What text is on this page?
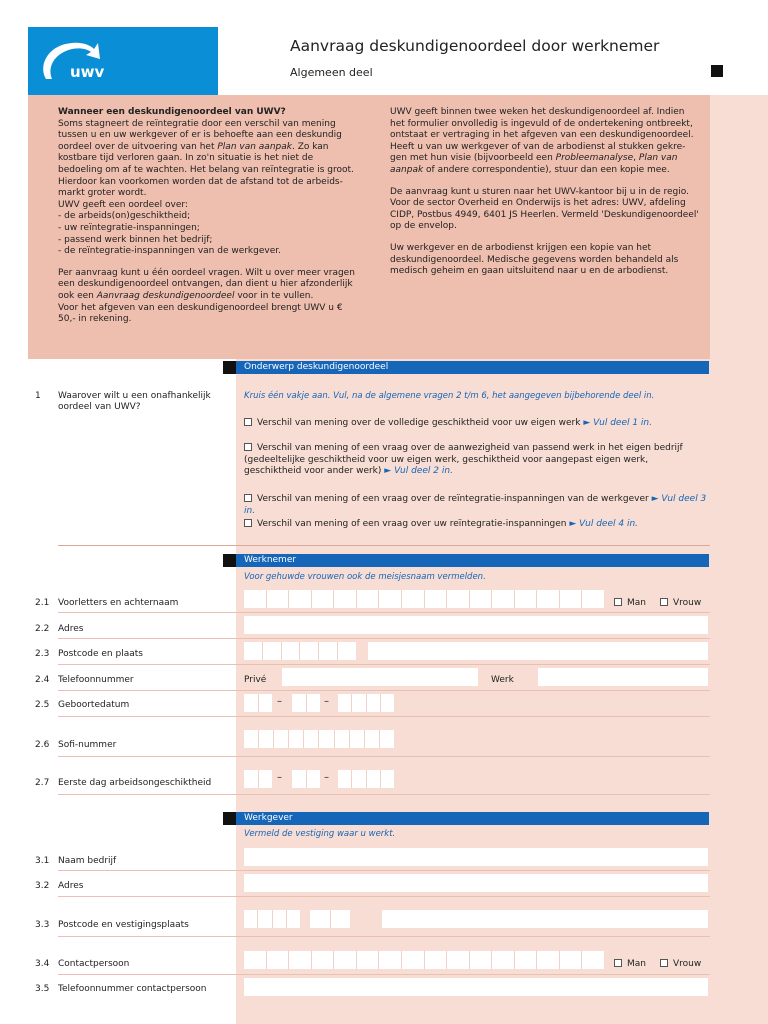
uwv
Aanvraag deskundigenoordeel door werknemer
Algemeen deel
Wanneer een deskundigenoordeel van UWV?
Soms stagneert de reïntegratie door een verschil van mening tussen u en uw werkgever of er is behoefte aan een deskundig oordeel over de uitvoering van het Plan van aanpak. Zo kan kostbare tijd verloren gaan. In zo'n situatie is het niet de bedoeling om af te wachten. Het belang van reïntegratie is groot. Hierdoor kan voorkomen worden dat de afstand tot de arbeids-markt groter wordt.
UWV geeft een oordeel over:
- de arbeids(on)geschiktheid;
- uw reïntegratie-inspanningen;
- passend werk binnen het bedrijf;
- de reïntegratie-inspanningen van de werkgever.
Per aanvraag kunt u één oordeel vragen. Wilt u over meer vragen een deskundigenoordeel ontvangen, dan dient u hier afzonderlijk ook een Aanvraag deskundigenoordeel voor in te vullen.
Voor het afgeven van een deskundigenoordeel brengt UWV u € 50,- in rekening.
UWV geeft binnen twee weken het deskundigenoordeel af. Indien het formulier onvolledig is ingevuld of de ondertekening ontbreekt, ontstaat er vertraging in het afgeven van een deskundigenoordeel.
Heeft u van uw werkgever of van de arbodienst al stukken gekre-gen met hun visie (bijvoorbeeld een Probleemanalyse, Plan van aanpak of andere correspondentie), stuur dan een kopie mee.
De aanvraag kunt u sturen naar het UWV-kantoor bij u in de regio. Voor de sector Overheid en Onderwijs is het adres: UWV, afdeling CIDP, Postbus 4949, 6401 JS Heerlen. Vermeld 'Deskundigenoordeel' op de envelop.
Uw werkgever en de arbodienst krijgen een kopie van het deskundigenoordeel. Medische gegevens worden behandeld als medisch geheim en gaan uitsluitend naar u en de arbodienst.
Onderwerp deskundigenoordeel
Kruis één vakje aan. Vul, na de algemene vragen 2 t/m 6, het aangegeven bijbehorende deel in.
1 Waarover wilt u een onafhankelijk oordeel van UWV?
Verschil van mening over de volledige geschiktheid voor uw eigen werk ► Vul deel 1 in.
Verschil van mening of een vraag over de aanwezigheid van passend werk in het eigen bedrijf (gedeeltelijke geschiktheid voor uw eigen werk, geschiktheid voor aangepast eigen werk, geschiktheid voor ander werk) ► Vul deel 2 in.
Verschil van mening of een vraag over de reïntegratie-inspanningen van de werkgever ► Vul deel 3 in.
Verschil van mening of een vraag over uw reïntegratie-inspanningen ► Vul deel 4 in.
Werknemer
Voor gehuwde vrouwen ook de meisjesnaam vermelden.
2.1 Voorletters en achternaam	Man	Vrouw
2.2 Adres
2.3 Postcode en plaats
2.4 Telefoonnummer	Privé	Werk
2.5 Geboortedatum	–	–
2.6 Sofi-nummer
2.7 Eerste dag arbeidsongeschiktheid	–	–
Werkgever
Vermeld de vestiging waar u werkt.
3.1 Naam bedrijf
3.2 Adres
3.3 Postcode en vestigingsplaats
3.4 Contactpersoon	Man	Vrouw
3.5 Telefoonnummer contactpersoon
